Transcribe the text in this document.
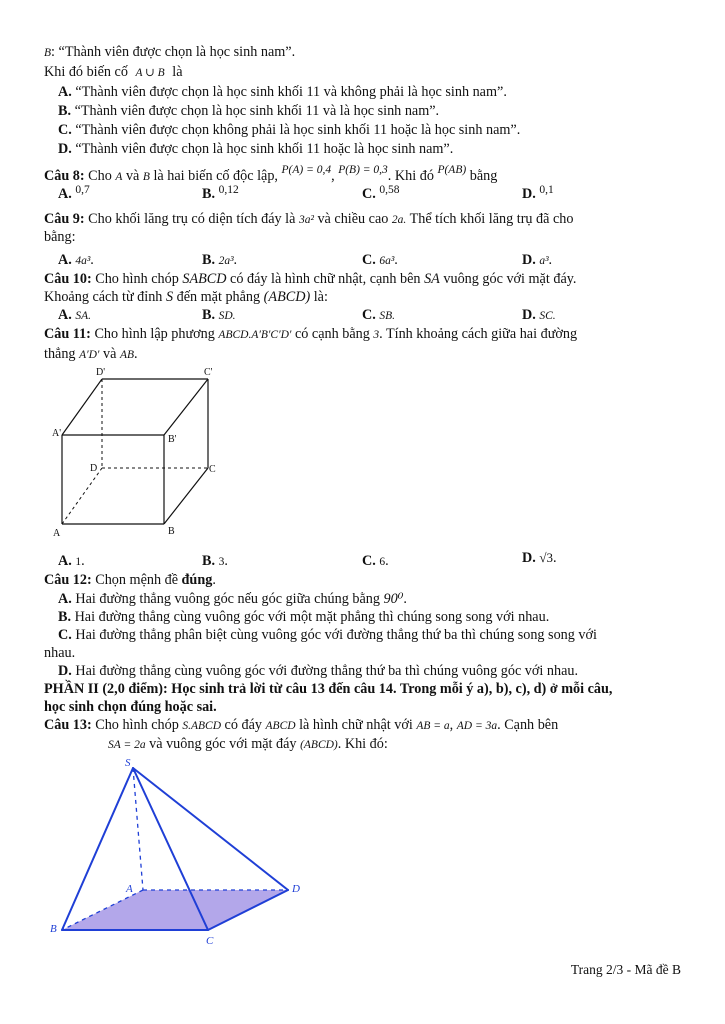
B: “Thành viên được chọn là học sinh nam”.
Khi đó biến cố A ∪ B là
A. “Thành viên được chọn là học sinh khối 11 và không phải là học sinh nam”.
B. “Thành viên được chọn là học sinh khối 11 và là học sinh nam”.
C. “Thành viên được chọn không phải là học sinh khối 11 hoặc là học sinh nam”.
D. “Thành viên được chọn là học sinh khối 11 hoặc là học sinh nam”.
Câu 8: Cho A và B là hai biến cố độc lập, $^{P(A) = 0,4}$, $^{P(B) = 0,3}$. Khi đó $^{P(AB)}$ bằng
A. $^{0,7}$	B. $^{0,12}$	C. $^{0,58}$	D. $^{0,1}$
Câu 9: Cho khối lăng trụ có diện tích đáy là 3a² và chiều cao 2a. Thể tích khối lăng trụ đã cho
bằng:
A. 4a³.	B. 2a³.	C. 6a³.	D. a³.
Câu 10: Cho hình chóp SABCD có đáy là hình chữ nhật, cạnh bên SA vuông góc với mặt đáy.
Khoảng cách từ đỉnh S đến mặt phẳng (ABCD) là:
A. SA.	B. SD.	C. SB.	D. SC.
Câu 11: Cho hình lập phương ABCD.A′B′C′D′ có cạnh bằng 3. Tính khoảng cách giữa hai đường
thẳng A′D′ và AB.
D'	C'
A'
B'
D	C
A	B
A. 1.	B. 3.	C. 6.	D. √3.
Câu 12: Chọn mệnh đề đúng.
A. Hai đường thẳng vuông góc nếu góc giữa chúng bằng 90⁰.
B. Hai đường thẳng cùng vuông góc với một mặt phẳng thì chúng song song với nhau.
C. Hai đường thẳng phân biệt cùng vuông góc với đường thẳng thứ ba thì chúng song song với
nhau.
D. Hai đường thẳng cùng vuông góc với đường thẳng thứ ba thì chúng vuông góc với nhau.
PHẦN II (2,0 điểm): Học sinh trả lời từ câu 13 đến câu 14. Trong mỗi ý a), b), c), d) ở mỗi câu,
học sinh chọn đúng hoặc sai.
Câu 13: Cho hình chóp S.ABCD có đáy ABCD là hình chữ nhật với AB = a, AD = 3a. Cạnh bên
SA = 2a và vuông góc với mặt đáy (ABCD). Khi đó:
S
A
B
C
D
Trang 2/3 - Mã đề B
